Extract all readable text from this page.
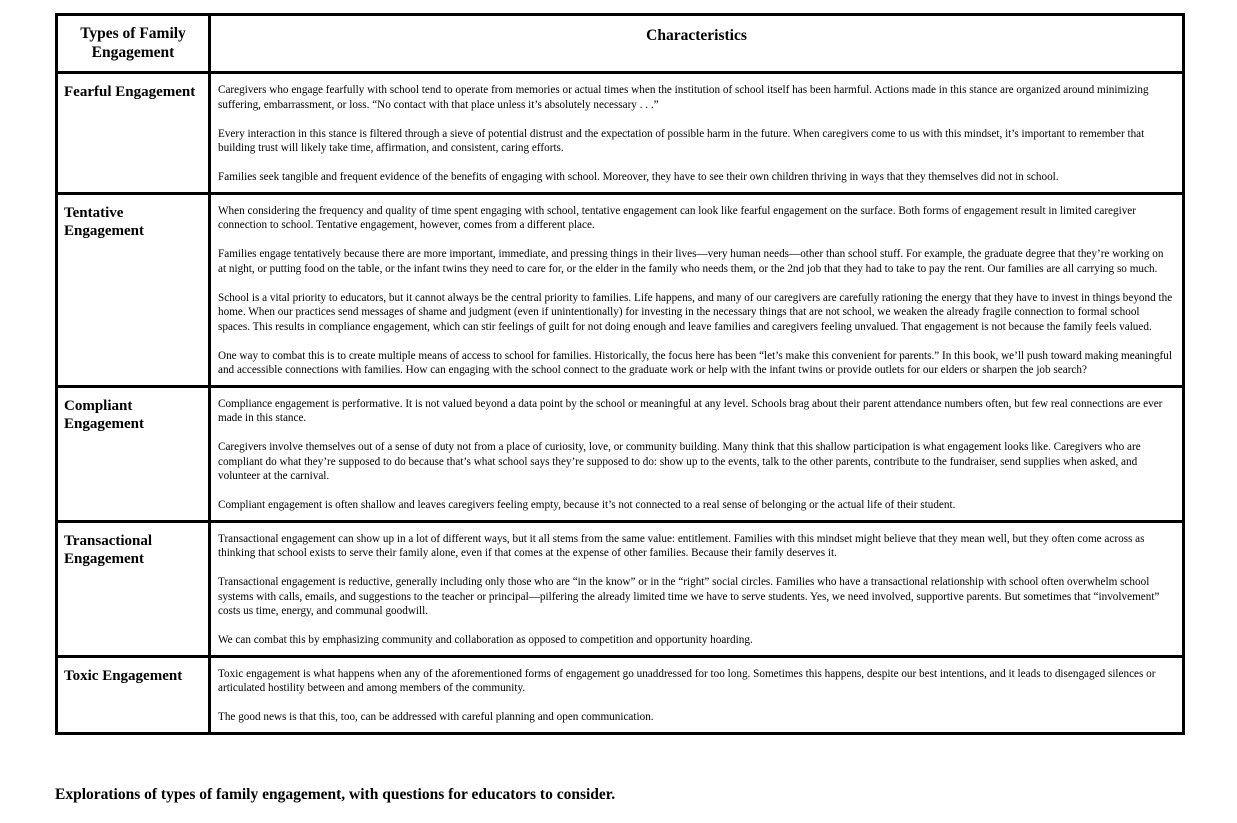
Types of Family Engagement	Characteristics
Fearful Engagement	Caregivers who engage fearfully with school tend to operate from memories or actual times when the institution of school itself has been harmful. Actions made in this stance are organized around minimizing suffering, embarrassment, or loss. “No contact with that place unless it’s absolutely necessary . . .”

Every interaction in this stance is filtered through a sieve of potential distrust and the expectation of possible harm in the future. When caregivers come to us with this mindset, it’s important to remember that building trust will likely take time, affirmation, and consistent, caring efforts.

Families seek tangible and frequent evidence of the benefits of engaging with school. Moreover, they have to see their own children thriving in ways that they themselves did not in school.

Tentative Engagement	When considering the frequency and quality of time spent engaging with school, tentative engagement can look like fearful engagement on the surface. Both forms of engagement result in limited caregiver connection to school. Tentative engagement, however, comes from a different place.

Families engage tentatively because there are more important, immediate, and pressing things in their lives—very human needs—other than school stuff. For example, the graduate degree that they’re working on at night, or putting food on the table, or the infant twins they need to care for, or the elder in the family who needs them, or the 2nd job that they had to take to pay the rent. Our families are all carrying so much.

School is a vital priority to educators, but it cannot always be the central priority to families. Life happens, and many of our caregivers are carefully rationing the energy that they have to invest in things beyond the home. When our practices send messages of shame and judgment (even if unintentionally) for investing in the necessary things that are not school, we weaken the already fragile connection to formal school spaces. This results in compliance engagement, which can stir feelings of guilt for not doing enough and leave families and caregivers feeling unvalued. That engagement is not because the family feels valued.

One way to combat this is to create multiple means of access to school for families. Historically, the focus here has been “let’s make this convenient for parents.” In this book, we’ll push toward making meaningful and accessible connections with families. How can engaging with the school connect to the graduate work or help with the infant twins or provide outlets for our elders or sharpen the job search?

Compliant Engagement	Compliance engagement is performative. It is not valued beyond a data point by the school or meaningful at any level. Schools brag about their parent attendance numbers often, but few real connections are ever made in this stance.

Caregivers involve themselves out of a sense of duty not from a place of curiosity, love, or community building. Many think that this shallow participation is what engagement looks like. Caregivers who are compliant do what they’re supposed to do because that’s what school says they’re supposed to do: show up to the events, talk to the other parents, contribute to the fundraiser, send supplies when asked, and volunteer at the carnival.

Compliant engagement is often shallow and leaves caregivers feeling empty, because it’s not connected to a real sense of belonging or the actual life of their student.

Transactional Engagement	Transactional engagement can show up in a lot of different ways, but it all stems from the same value: entitlement. Families with this mindset might believe that they mean well, but they often come across as thinking that school exists to serve their family alone, even if that comes at the expense of other families. Because their family deserves it.

Transactional engagement is reductive, generally including only those who are “in the know” or in the “right” social circles. Families who have a transactional relationship with school often overwhelm school systems with calls, emails, and suggestions to the teacher or principal—pilfering the already limited time we have to serve students. Yes, we need involved, supportive parents. But sometimes that “involvement” costs us time, energy, and communal goodwill.

We can combat this by emphasizing community and collaboration as opposed to competition and opportunity hoarding.

Toxic Engagement	Toxic engagement is what happens when any of the aforementioned forms of engagement go unaddressed for too long. Sometimes this happens, despite our best intentions, and it leads to disengaged silences or articulated hostility between and among members of the community.

The good news is that this, too, can be addressed with careful planning and open communication.

Explorations of types of family engagement, with questions for educators to consider.
